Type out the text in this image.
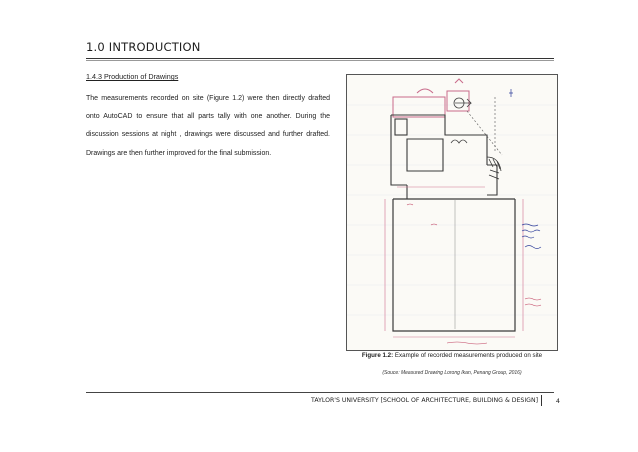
1.0 INTRODUCTION
1.4.3 Production of Drawings
The measurements recorded on site (Figure 1.2) were then directly drafted onto AutoCAD to ensure that all parts tally with one another. During the discussion sessions at night , drawings were discussed and further drafted. Drawings are then further improved for the final submission.
Figure 1.2: Example of recorded measurements produced on site
(Souce: Measured Drawing Lorong Ikan, Penang Group, 2016)
TAYLOR'S UNIVERSITY [SCHOOL OF ARCHITECTURE, BUILDING & DESIGN]	4
